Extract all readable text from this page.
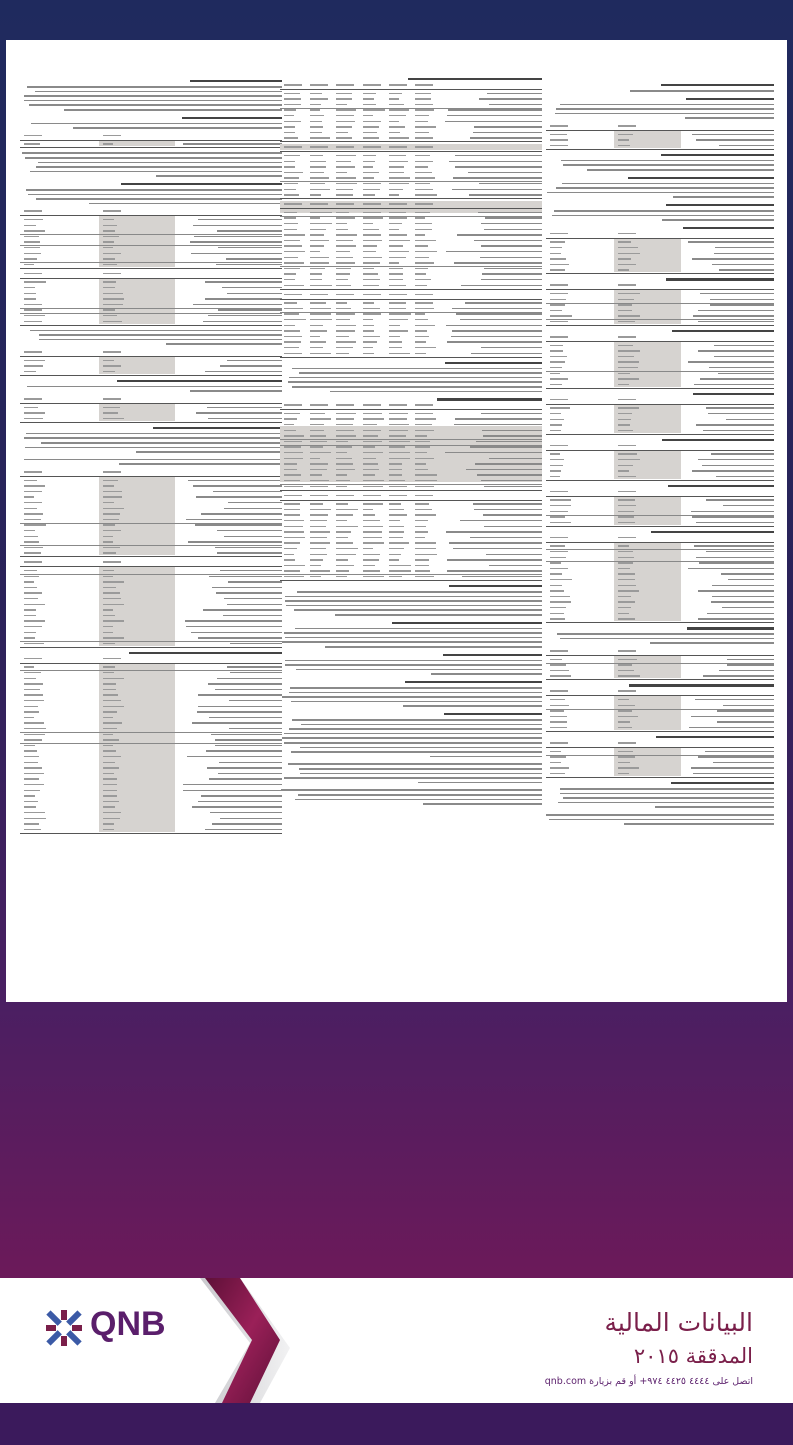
QNB	البيانات المالية
المدققة ٢٠١٥
اتصل على ٤٤٤٤ ٤٤٢٥ ٩٧٤+ أو قم بزيارة qnb.com
